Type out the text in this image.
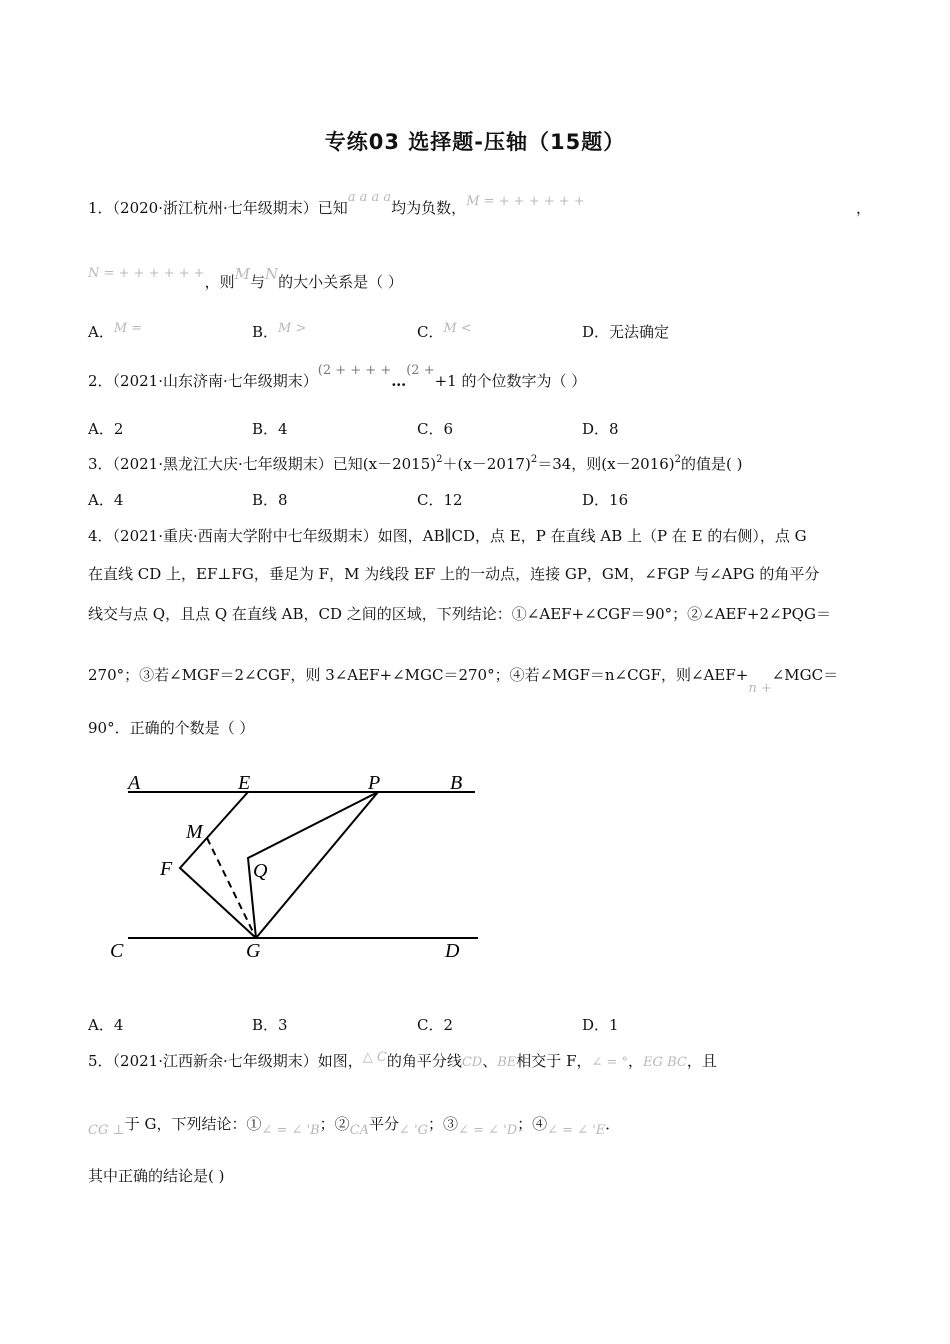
专练03 选择题-压轴（15题）
1．（2020·浙江杭州·七年级期末）已知a a a a均为负数，M = + + + + + +	，
N = + + + + + +，则M与N的大小关系是（ ）
A．M =	B．M >	C．M <	D．无法确定
2．（2021·山东济南·七年级期末）(2 + + + +…(2 ++1 的个位数字为（ ）
A．2	B．4	C．6	D．8
3．（2021·黑龙江大庆·七年级期末）已知$(x-2015)^2+(x-2017)^2=34$，则$(x-2016)^2$的值是( )
A．4	B．8	C．12	D．16
4．（2021·重庆·西南大学附中七年级期末）如图，AB∥CD，点 E，P 在直线 AB 上（P 在 E 的右侧），点 G
在直线 CD 上，EF⊥FG，垂足为 F，M 为线段 EF 上的一动点，连接 GP，GM，∠FGP 与∠APG 的角平分
线交与点 Q，且点 Q 在直线 AB，CD 之间的区域，下列结论：①∠AEF+∠CGF＝90°；②∠AEF+2∠PQG＝
270°；③若∠MGF＝2∠CGF，则 3∠AEF+∠MGC＝270°；④若∠MGF＝n∠CGF，则∠AEF+n +∠MGC＝
90°．正确的个数是（ ）
A	E	P	B
M
F	Q
C	G	D
A．4	B．3	C．2	D．1
5．（2021·江西新余·七年级期末）如图，△ C的角平分线CD、BE相交于 F，∠ = °，EG BC，且
CG ⊥于 G，下列结论：①∠ = ∠ 'B；②CA平分∠ 'G；③∠ = ∠ 'D；④∠ = ∠ 'E．
其中正确的结论是( )
